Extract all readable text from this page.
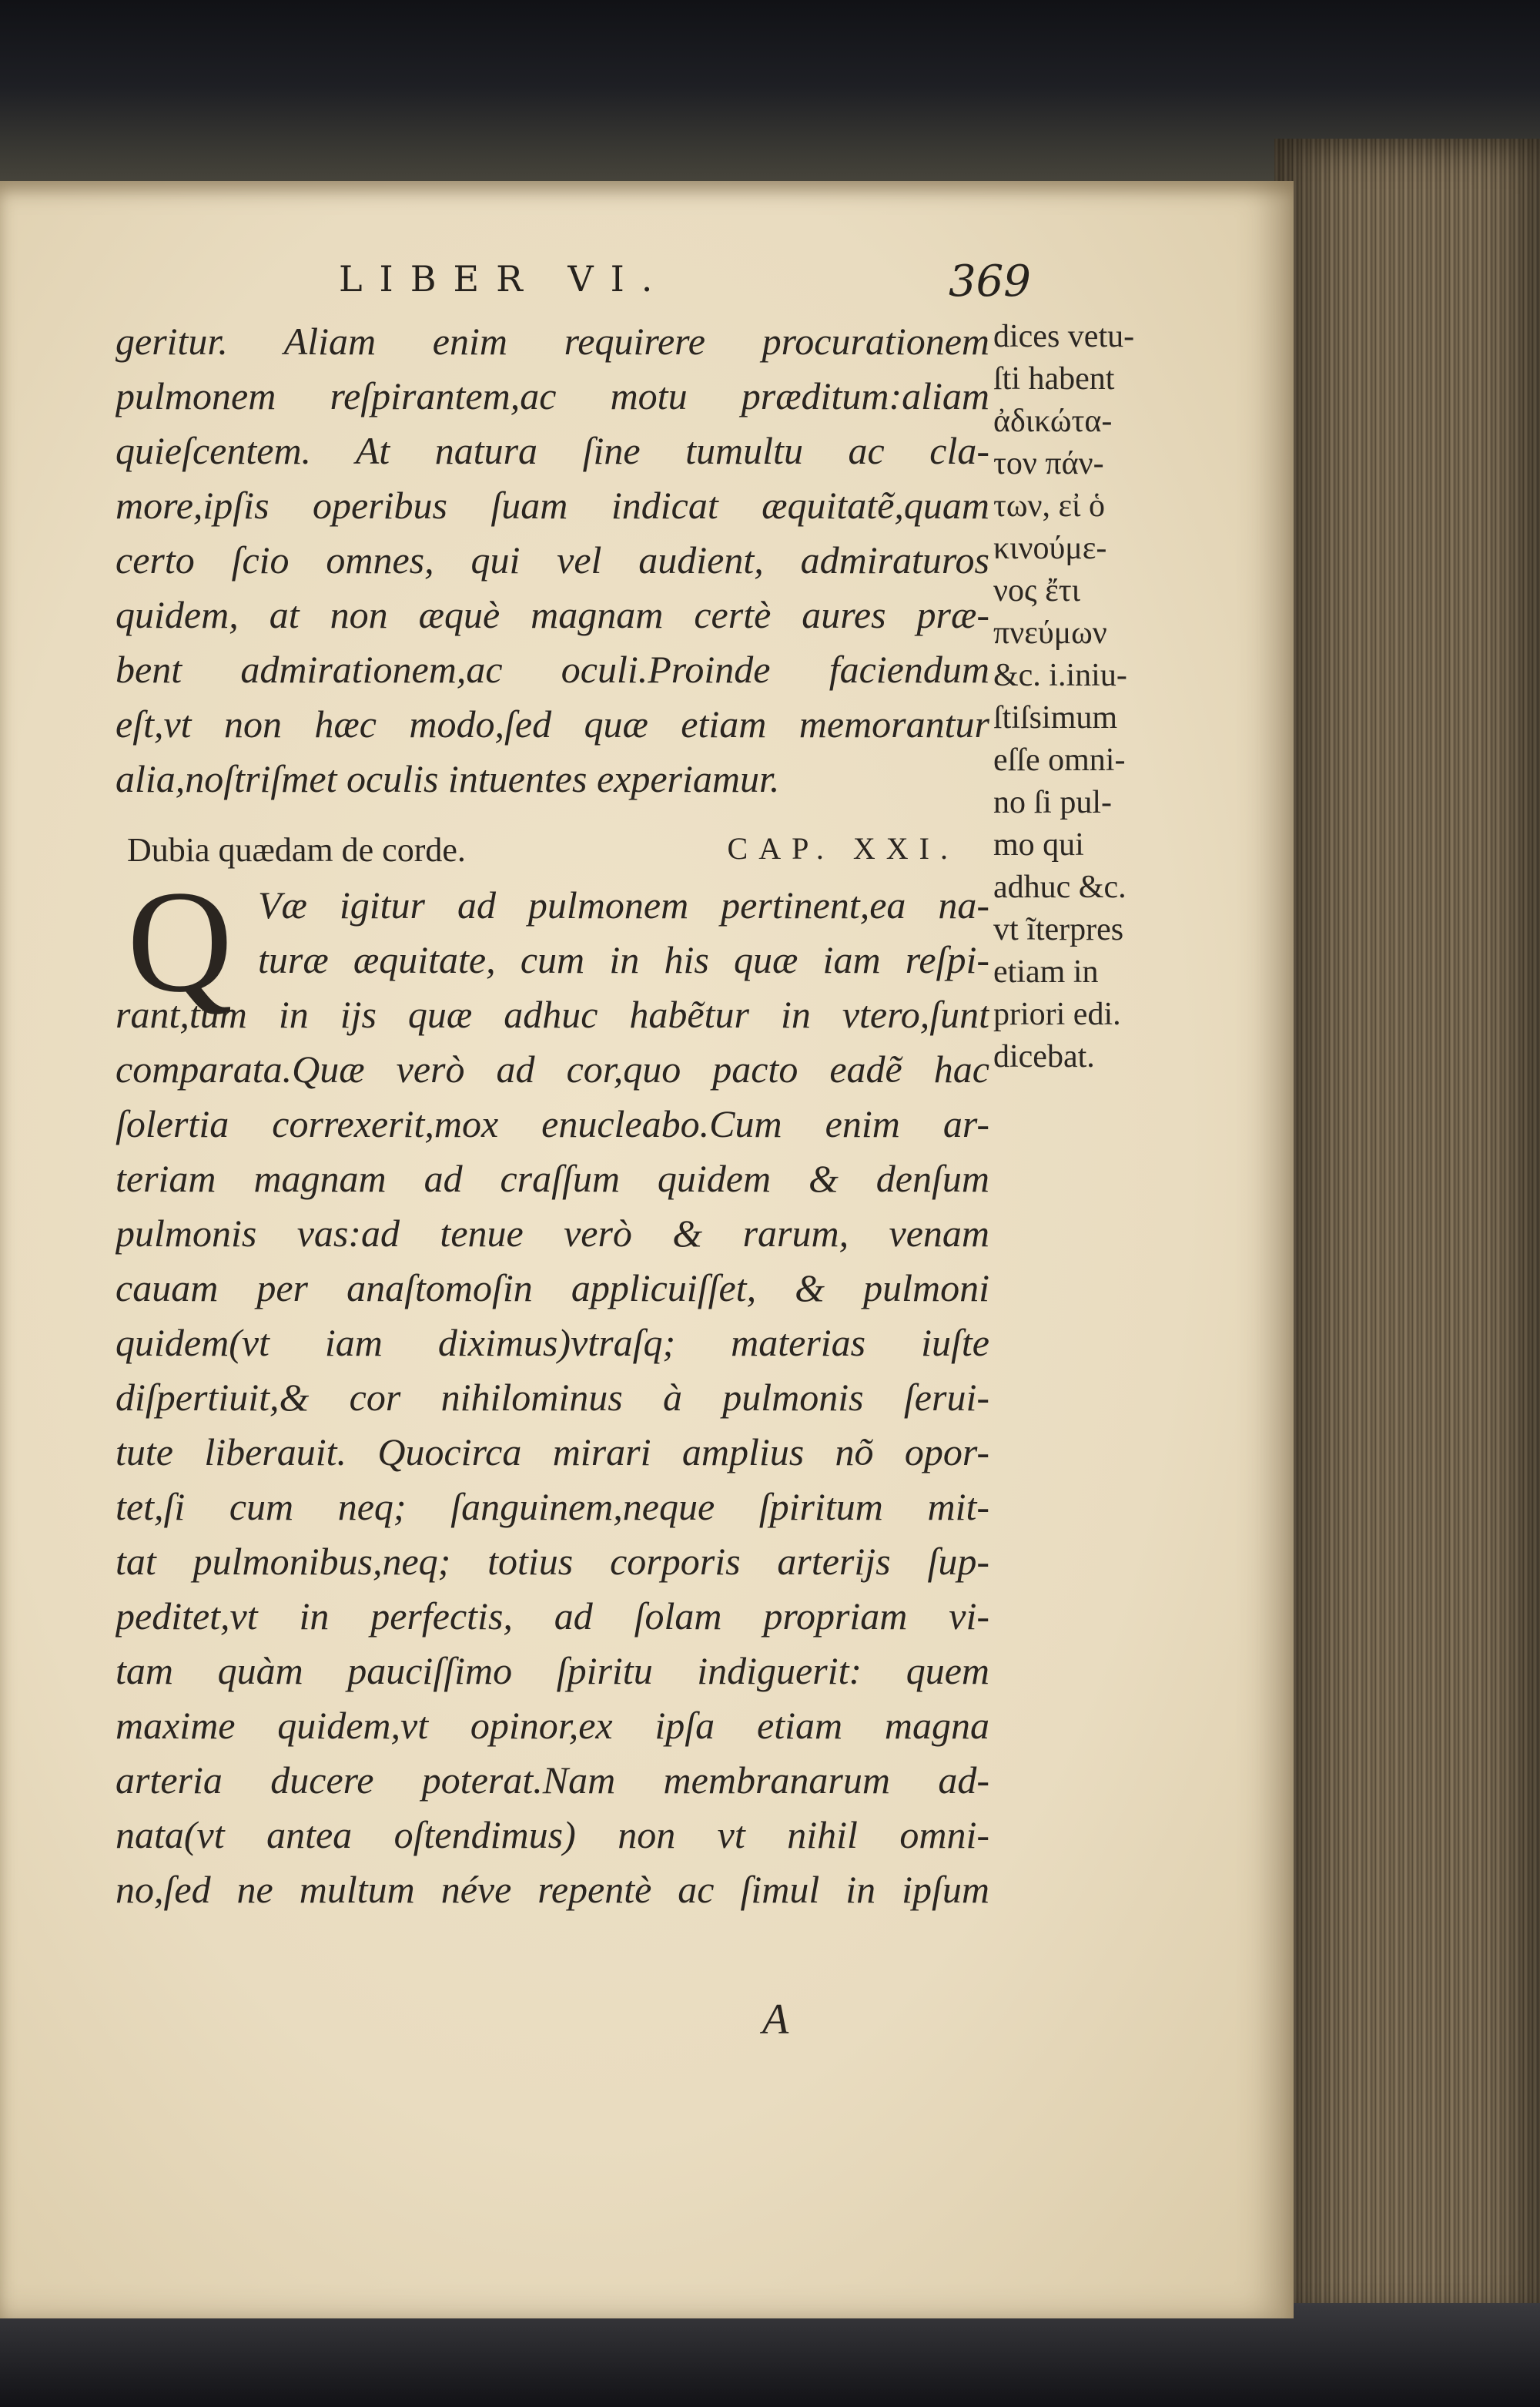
LIBER VI.	369
geritur. Aliam enim requirere procurationem
pulmonem reſpirantem,ac motu præditum:aliam
quieſcentem. At natura ſine tumultu ac cla-
more,ipſis operibus ſuam indicat æquitatẽ,quam
certo ſcio omnes, qui vel audient, admiraturos
quidem, at non æquè magnam certè aures præ-
bent admirationem,ac oculi.Proinde faciendum
eſt,vt non hæc modo,ſed quæ etiam memorantur
alia,noſtriſmet oculis intuentes experiamur.
Væ igitur ad pulmonem pertinent,ea na-
turæ æquitate, cum in his quæ iam reſpi-
rant,tum in ijs quæ adhuc habẽtur in vtero,ſunt
comparata.Quæ verò ad cor,quo pacto eadẽ hac
ſolertia correxerit,mox enucleabo.Cum enim ar-
teriam magnam ad craſſum quidem & denſum
pulmonis vas:ad tenue verò & rarum, venam
cauam per anaſtomoſin applicuiſſet, & pulmoni
quidem(vt iam diximus)vtraſq; materias iuſte
diſpertiuit,& cor nihilominus à pulmonis ſerui-
tute liberauit. Quocirca mirari amplius nõ opor-
tet,ſi cum neq; ſanguinem,neque ſpiritum mit-
tat pulmonibus,neq; totius corporis arterijs ſup-
peditet,vt in perfectis, ad ſolam propriam vi-
tam quàm pauciſſimo ſpiritu indiguerit: quem
maxime quidem,vt opinor,ex ipſa etiam magna
arteria ducere poterat.Nam membranarum ad-
nata(vt antea oſtendimus) non vt nihil omni-
no,ſed ne multum néve repentè ac ſimul in ipſum
Dubia quædam de corde.	CAP. XXI.
Q
dices vetu-
ſti habent
ἀδικώτα-
τον πάν-
των, εἰ ὁ
κινούμε-
νος ἔτι
πνεύμων
&c. i.iniu-
ſtiſsimum
eſſe omni-
no ſi pul-
mo qui
adhuc &c.
vt ĩterpres
etiam in
priori edi.
dicebat.
A
